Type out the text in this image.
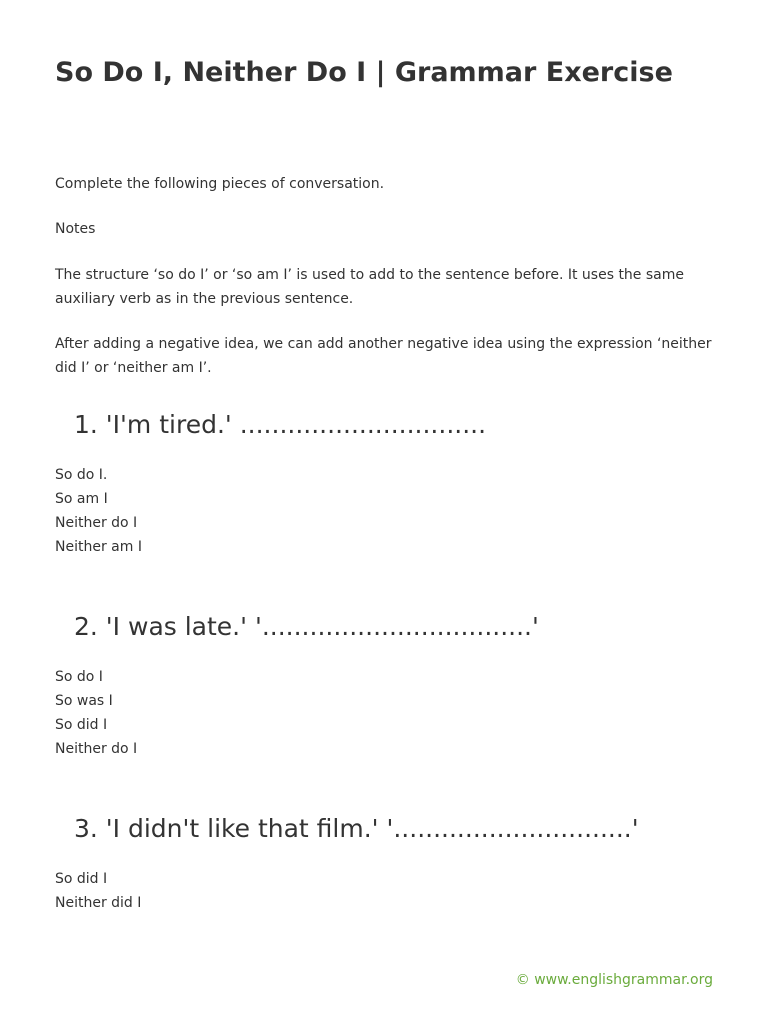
So Do I, Neither Do I | Grammar Exercise

Complete the following pieces of conversation.

Notes

The structure ‘so do I’ or ‘so am I’ is used to add to the sentence before. It uses the same auxiliary verb as in the previous sentence.

After adding a negative idea, we can add another negative idea using the expression ‘neither did I’ or ‘neither am I’.

1. 'I'm tired.' ...............................
So do I.
So am I
Neither do I
Neither am I
2. 'I was late.' '..................................'
So do I
So was I
So did I
Neither do I
3. 'I didn't like that film.' '..............................'
So did I
Neither did I
© www.englishgrammar.org
